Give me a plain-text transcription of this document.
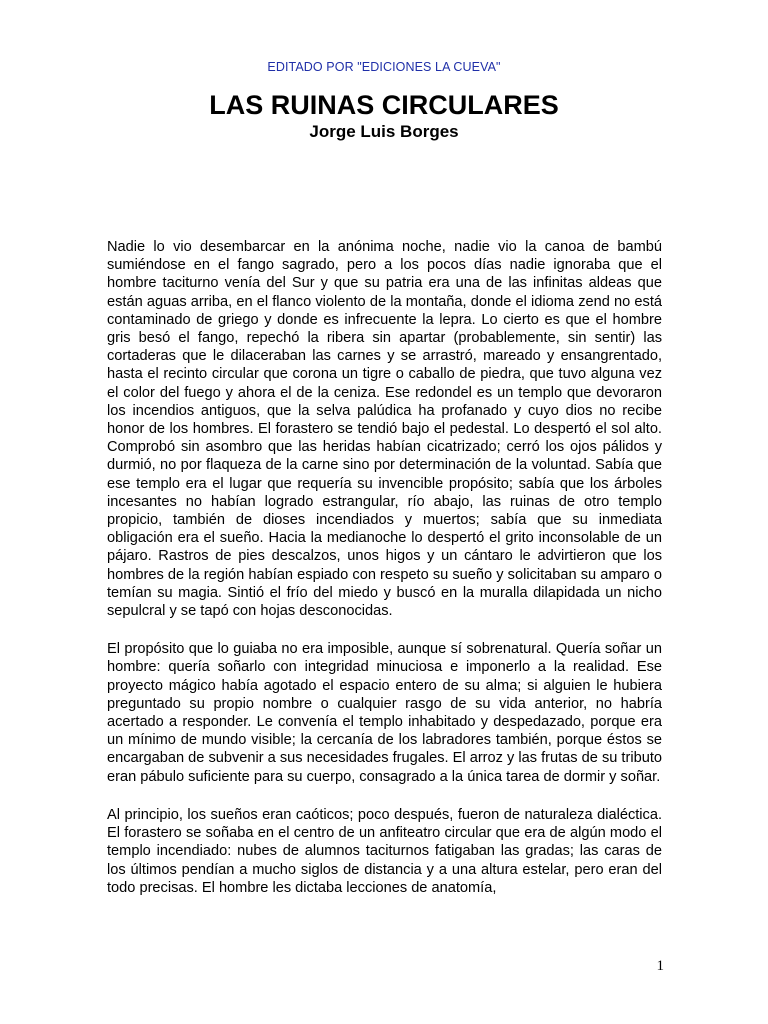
EDITADO POR "EDICIONES LA CUEVA"
LAS RUINAS CIRCULARES
Jorge Luis Borges

Nadie lo vio desembarcar en la anónima noche, nadie vio la canoa de bambú sumiéndose en el fango sagrado, pero a los pocos días nadie ignoraba que el hombre taciturno venía del Sur y que su patria era una de las infinitas aldeas que están aguas arriba, en el flanco violento de la montaña, donde el idioma zend no está contaminado de griego y donde es infrecuente la lepra. Lo cierto es que el hombre gris besó el fango, repechó la ribera sin apartar (probablemente, sin sentir) las cortaderas que le dilaceraban las carnes y se arrastró, mareado y ensangrentado, hasta el recinto circular que corona un tigre o caballo de piedra, que tuvo alguna vez el color del fuego y ahora el de la ceniza. Ese redondel es un templo que devoraron los incendios antiguos, que la selva palúdica ha profanado y cuyo dios no recibe honor de los hombres. El forastero se tendió bajo el pedestal. Lo despertó el sol alto. Comprobó sin asombro que las heridas habían cicatrizado; cerró los ojos pálidos y durmió, no por flaqueza de la carne sino por determinación de la voluntad. Sabía que ese templo era el lugar que requería su invencible propósito; sabía que los árboles incesantes no habían logrado estrangular, río abajo, las ruinas de otro templo propicio, también de dioses incendiados y muertos; sabía que su inmediata obligación era el sueño. Hacia la medianoche lo despertó el grito inconsolable de un pájaro. Rastros de pies descalzos, unos higos y un cántaro le advirtieron que los hombres de la región habían espiado con respeto su sueño y solicitaban su amparo o temían su magia. Sintió el frío del miedo y buscó en la muralla dilapidada un nicho sepulcral y se tapó con hojas desconocidas.

El propósito que lo guiaba no era imposible, aunque sí sobrenatural. Quería soñar un hombre: quería soñarlo con integridad minuciosa e imponerlo a la realidad. Ese proyecto mágico había agotado el espacio entero de su alma; si alguien le hubiera preguntado su propio nombre o cualquier rasgo de su vida anterior, no habría acertado a responder. Le convenía el templo inhabitado y despedazado, porque era un mínimo de mundo visible; la cercanía de los labradores también, porque éstos se encargaban de subvenir a sus necesidades frugales. El arroz y las frutas de su tributo eran pábulo suficiente para su cuerpo, consagrado a la única tarea de dormir y soñar.

Al principio, los sueños eran caóticos; poco después, fueron de naturaleza dialéctica. El forastero se soñaba en el centro de un anfiteatro circular que era de algún modo el templo incendiado: nubes de alumnos taciturnos fatigaban las gradas; las caras de los últimos pendían a mucho siglos de distancia y a una altura estelar, pero eran del todo precisas. El hombre les dictaba lecciones de anatomía,

1
